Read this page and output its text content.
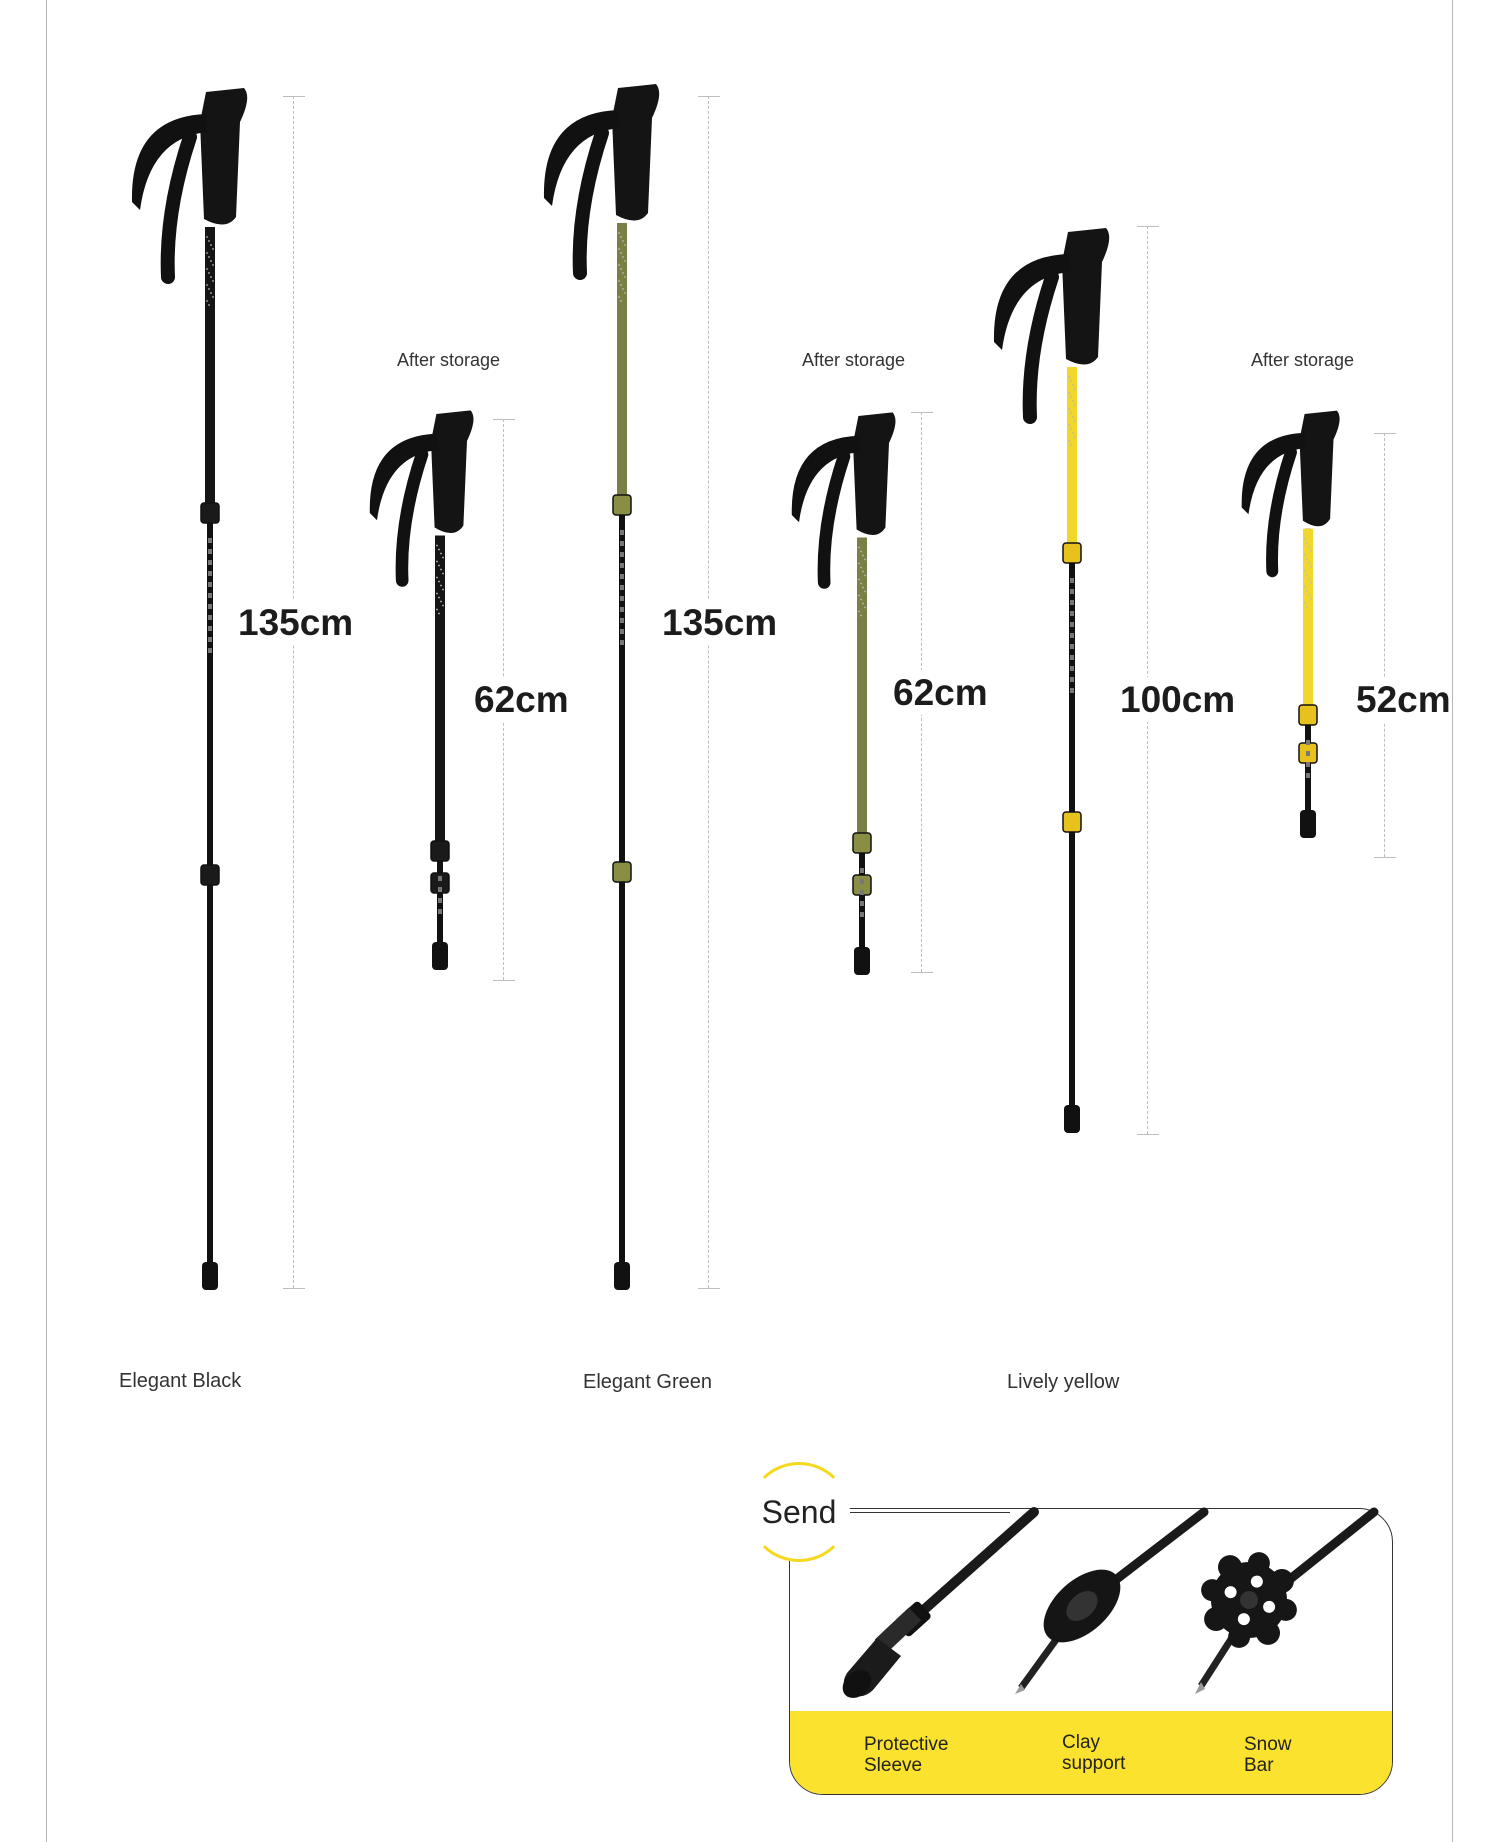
135cm
62cm
135cm
62cm	100cm	52cm
After storage	After storage	After storage
Elegant Black	Elegant Green	Lively yellow
Send
Protective Sleeve
Clay support
Snow Bar
